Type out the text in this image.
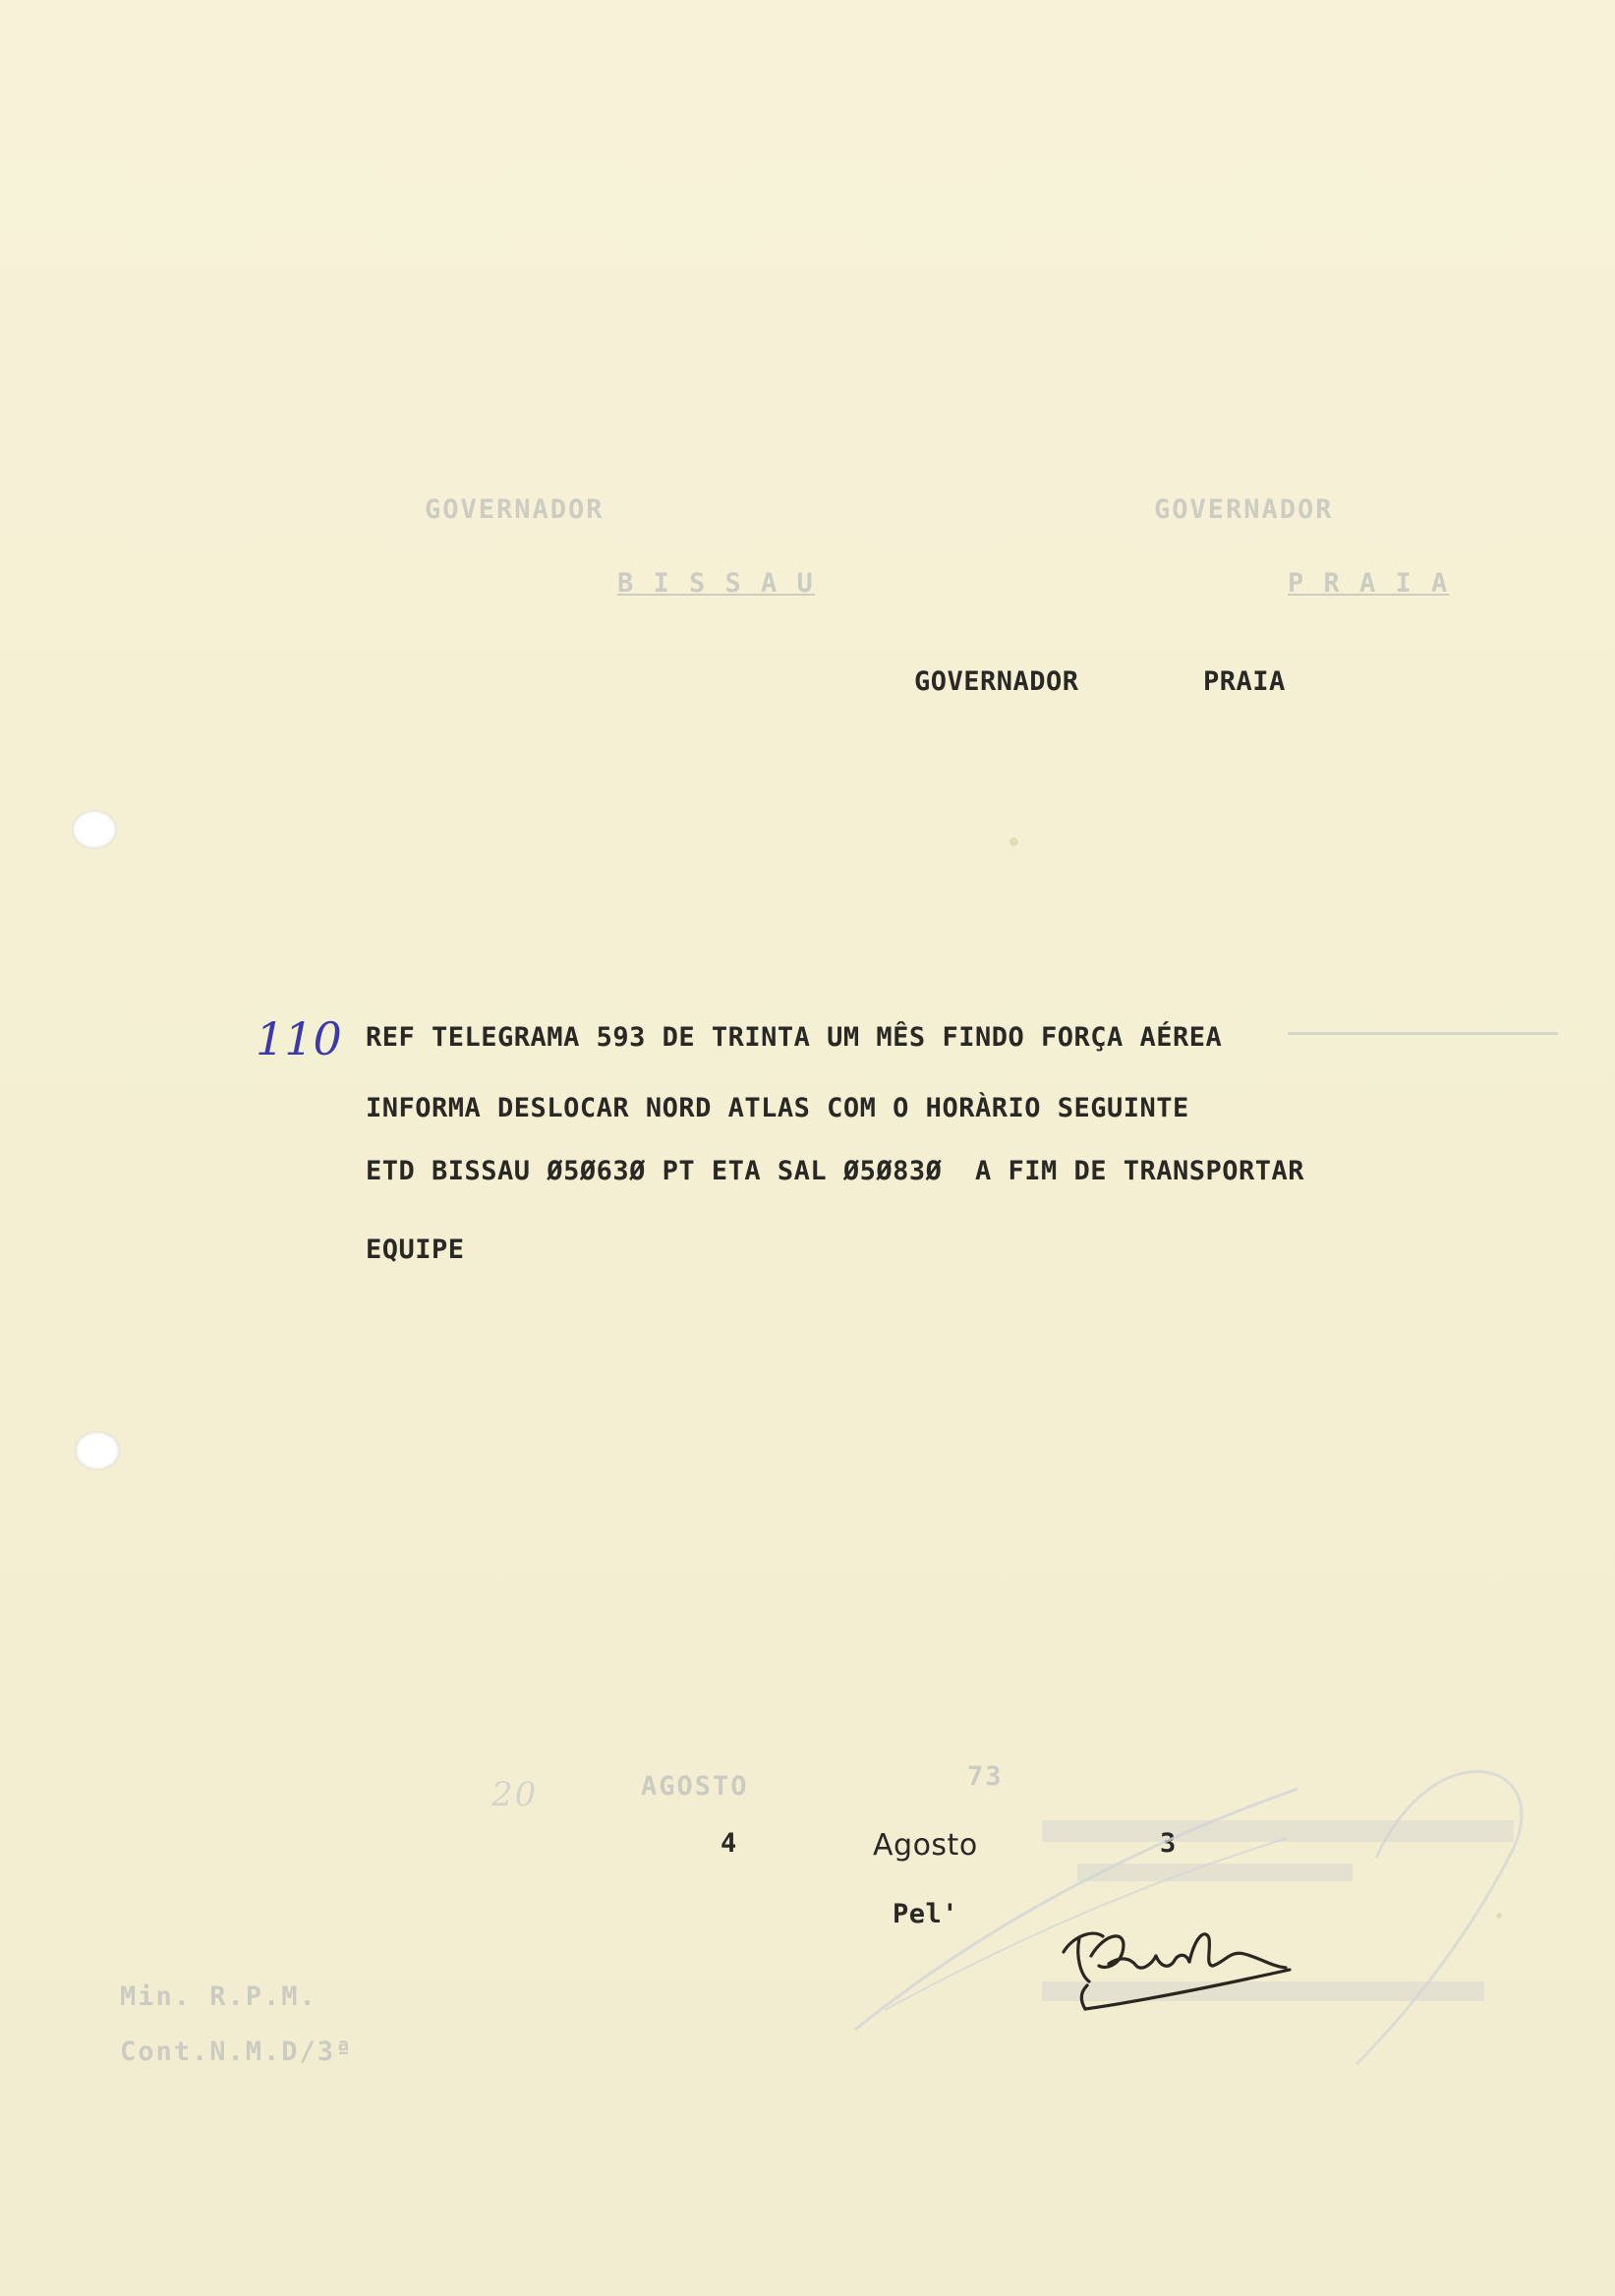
GOVERNADOR
B I S S A U
GOVERNADOR
P R A I A
GOVERNADOR	PRAIA
110 REF TELEGRAMA 593 DE TRINTA UM MÊS FINDO FORÇA AÉREA
INFORMA DESLOCAR NORD ATLAS COM O HORÀRIO SEGUINTE
ETD BISSAU Ø5Ø63Ø PT ETA SAL Ø5Ø83Ø  A FIM DE TRANSPORTAR
EQUIPE
20	AGOSTO	73
Min. R.P.M.
Cont.N.M.D/3ª
4	Agosto	3
Pel'
